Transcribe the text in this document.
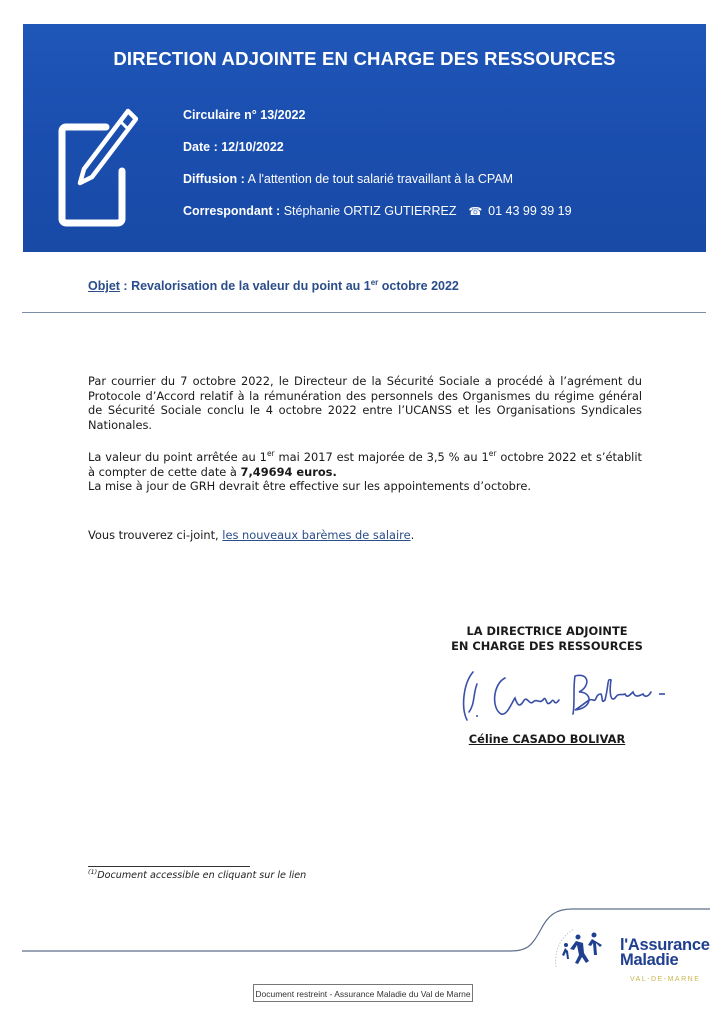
DIRECTION ADJOINTE EN CHARGE DES RESSOURCES
Circulaire n° 13/2022
Date : 12/10/2022
Diffusion : A l'attention de tout salarié travaillant à la CPAM
Correspondant : Stéphanie ORTIZ GUTIERREZ ☎ 01 43 99 39 19
Objet : Revalorisation de la valeur du point au 1er octobre 2022
Par courrier du 7 octobre 2022, le Directeur de la Sécurité Sociale a procédé à l’agrément du Protocole d’Accord relatif à la rémunération des personnels des Organismes du régime général de Sécurité Sociale conclu le 4 octobre 2022 entre l’UCANSS et les Organisations Syndicales Nationales.
La valeur du point arrêtée au 1er mai 2017 est majorée de 3,5 % au 1er octobre 2022 et s’établit à compter de cette date à 7,49694 euros.
La mise à jour de GRH devrait être effective sur les appointements d’octobre.
Vous trouverez ci-joint, les nouveaux barèmes de salaire.
LA DIRECTRICE ADJOINTE
EN CHARGE DES RESSOURCES
Céline CASADO BOLIVAR
$^{(1)}$Document accessible en cliquant sur le lien
l'Assurance
Maladie
VAL-DE-MARNE
Document restreint - Assurance Maladie du Val de Marne
